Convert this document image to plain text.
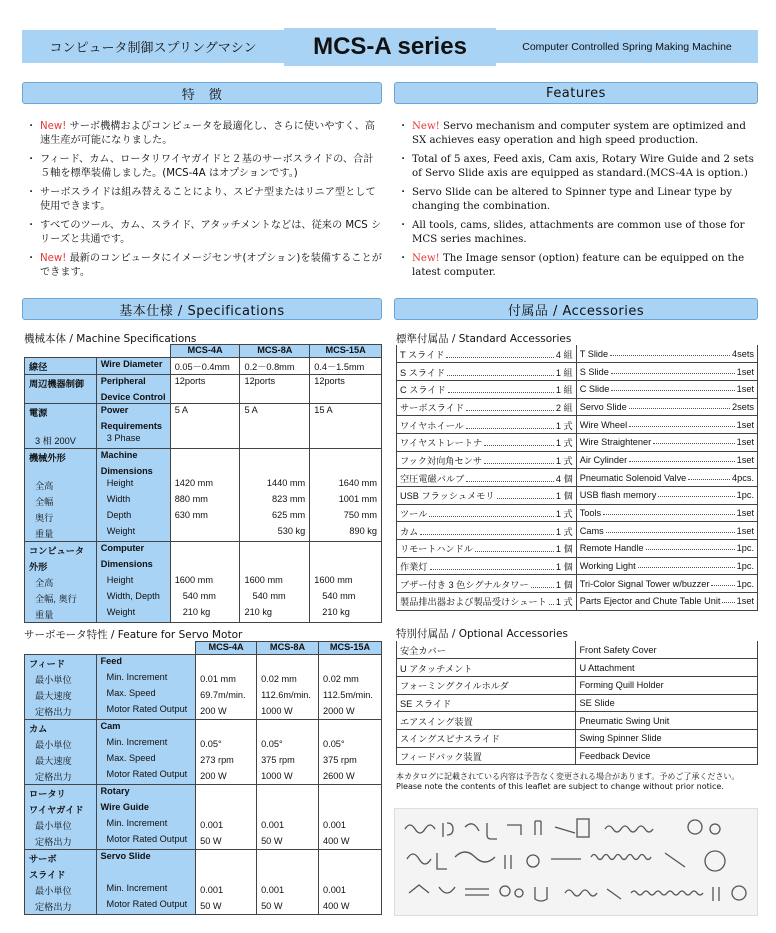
コンピュータ制御スプリングマシン	MCS-A series	Computer Controlled Spring Making Machine
特　徴	Features
・ New! サーボ機構およびコンピュータを最適化し、さらに使いやすく、高速生産が可能になりました。
・ フィード、カム、ロータリワイヤガイドと２基のサーボスライドの、合計５軸を標準装備しました。(MCS-4A はオプションです。)
・ サーボスライドは組み替えることにより、スピナ型またはリニア型として使用できます。
・ すべてのツール、カム、スライド、アタッチメントなどは、従来の MCS シリーズと共通です。
・ New! 最新のコンピュータにイメージセンサ(オプション)を装備することができます。
・ New! Servo mechanism and computer system are optimized and SX achieves easy operation and high speed production.
・ Total of 5 axes, Feed axis, Cam axis, Rotary Wire Guide and 2 sets of Servo Slide axis are equipped as standard.(MCS-4A is option.)
・ Servo Slide can be altered to Spinner type and Linear type by changing the combination.
・ All tools, cams, slides, attachments are common use of those for MCS series machines.
・ New! The Image sensor (option) feature can be equipped on the latest computer.
基本仕様 / Specifications	付属品 / Accessories
機械本体 / Machine Specifications
		MCS-4A	MCS-8A	MCS-15A
線径	Wire Diameter	0.05－0.4mm	0.2－0.8mm	0.4－1.5mm
周辺機器制御	Peripheral	12ports	12ports	12ports
	Device Control			
電源	Power	5 A	5 A	15 A
	Requirements			
3 相 200V	3 Phase			
機械外形	Machine			
	Dimensions			
全高	Height	1420 mm	1440 mm	1640 mm
全幅	Width	880 mm	823 mm	1001 mm
奥行	Depth	630 mm	625 mm	750 mm
重量	Weight		530 kg	890 kg
コンピュータ	Computer			
外形	Dimensions			
全高	Height	1600 mm	1600 mm	1600 mm
全幅, 奥行	Width, Depth	540 mm	540 mm	540 mm
重量	Weight	210 kg	210 kg	210 kg
サーボモータ特性 / Feature for Servo Motor
		MCS-4A	MCS-8A	MCS-15A
フィード	Feed			
最小単位	Min. Increment	0.01 mm	0.02 mm	0.02 mm
最大速度	Max. Speed	69.7m/min.	112.6m/min.	112.5m/min.
定格出力	Motor Rated Output	200 W	1000 W	2000 W
カム	Cam			
最小単位	Min. Increment	0.05°	0.05°	0.05°
最大速度	Max. Speed	273 rpm	375 rpm	375 rpm
定格出力	Motor Rated Output	200 W	1000 W	2600 W
ロータリ	Rotary			
ワイヤガイド	Wire Guide			
最小単位	Min. Increment	0.001	0.001	0.001
定格出力	Motor Rated Output	50 W	50 W	400 W
サーボ	Servo Slide			
スライド				
最小単位	Min. Increment	0.001	0.001	0.001
定格出力	Motor Rated Output	50 W	50 W	400 W
標準付属品 / Standard Accessories
T スライド 4 組	T Slide 4sets

S スライド 1 組	S Slide 1set

C スライド 1 組	C Slide 1set

サーボスライド 2 組	Servo Slide 2sets

ワイヤホイール 1 式	Wire Wheel 1set

ワイヤストレートナ 1 式	Wire Straightener 1set

フック対向角センサ 1 式	Air Cylinder 1set

空圧電磁バルブ 4 個	Pneumatic Solenoid Valve 4pcs.

USB フラッシュメモリ 1 個	USB flash memory 1pc.

ツール 1 式	Tools 1set

カム 1 式	Cams 1set

リモートハンドル 1 個	Remote Handle 1pc.

作業灯 1 個	Working Light 1pc.

ブザー付き 3 色シグナルタワー 1 個	Tri-Color Signal Tower w/buzzer 1pc.

製品排出器および製品受けシュート 1 式	Parts Ejector and Chute Table Unit 1set
特別付属品 / Optional Accessories
安全カバー	Front Safety Cover
U アタッチメント	U Attachment
フォーミングクイルホルダ	Forming Quill Holder
SE スライド	SE Slide
エアスイング装置	Pneumatic Swing Unit
スイングスピナスライド	Swing Spinner Slide
フィードバック装置	Feedback Device
本カタログに記載されている内容は予告なく変更される場合があります。予めご了承ください。
Please note the contents of this leaflet are subject to change without prior notice.
